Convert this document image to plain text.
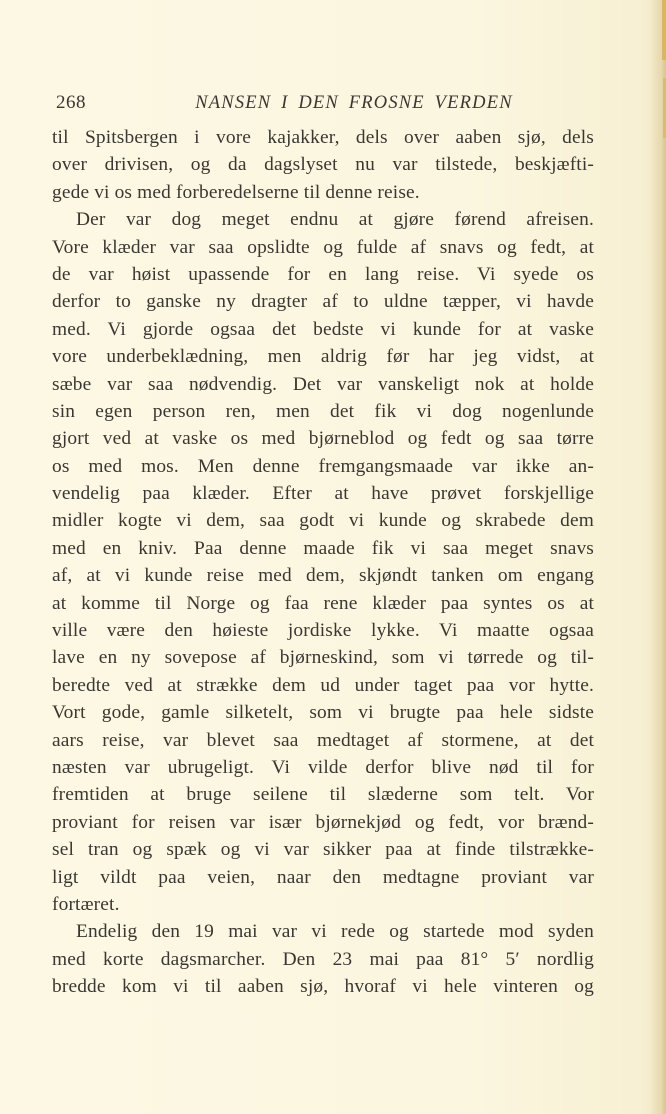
268	NANSEN I DEN FROSNE VERDEN
til Spitsbergen i vore kajakker, dels over aaben sjø, dels
over drivisen, og da dagslyset nu var tilstede, beskjæfti-
gede vi os med forberedelserne til denne reise.
Der var dog meget endnu at gjøre førend afreisen.
Vore klæder var saa opslidte og fulde af snavs og fedt, at
de var høist upassende for en lang reise. Vi syede os
derfor to ganske ny dragter af to uldne tæpper, vi havde
med. Vi gjorde ogsaa det bedste vi kunde for at vaske
vore underbeklædning, men aldrig før har jeg vidst, at
sæbe var saa nødvendig. Det var vanskeligt nok at holde
sin egen person ren, men det fik vi dog nogenlunde
gjort ved at vaske os med bjørneblod og fedt og saa tørre
os med mos. Men denne fremgangsmaade var ikke an-
vendelig paa klæder. Efter at have prøvet forskjellige
midler kogte vi dem, saa godt vi kunde og skrabede dem
med en kniv. Paa denne maade fik vi saa meget snavs
af, at vi kunde reise med dem, skjøndt tanken om engang
at komme til Norge og faa rene klæder paa syntes os at
ville være den høieste jordiske lykke. Vi maatte ogsaa
lave en ny sovepose af bjørneskind, som vi tørrede og til-
beredte ved at strække dem ud under taget paa vor hytte.
Vort gode, gamle silketelt, som vi brugte paa hele sidste
aars reise, var blevet saa medtaget af stormene, at det
næsten var ubrugeligt. Vi vilde derfor blive nød til for
fremtiden at bruge seilene til slæderne som telt. Vor
proviant for reisen var især bjørnekjød og fedt, vor brænd-
sel tran og spæk og vi var sikker paa at finde tilstrække-
ligt vildt paa veien, naar den medtagne proviant var
fortæret.
Endelig den 19 mai var vi rede og startede mod syden
med korte dagsmarcher. Den 23 mai paa 81° 5′ nordlig
bredde kom vi til aaben sjø, hvoraf vi hele vinteren og
